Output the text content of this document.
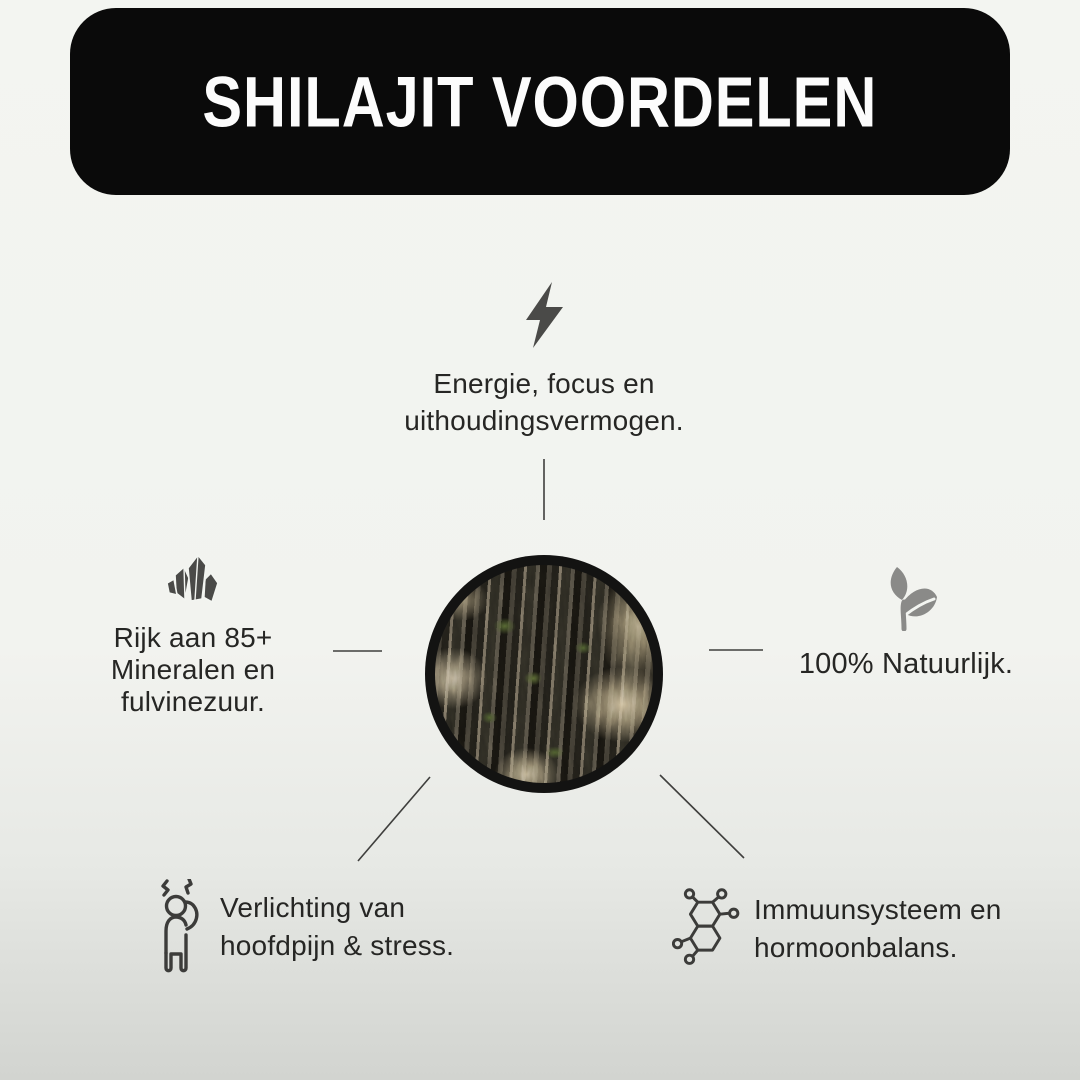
SHILAJIT VOORDELEN
Energie, focus en
uithoudingsvermogen.
Rijk aan 85+
Mineralen en
fulvinezuur.
100% Natuurlijk.
Verlichting van
hoofdpijn & stress.
Immuunsysteem en
hormoonbalans.
